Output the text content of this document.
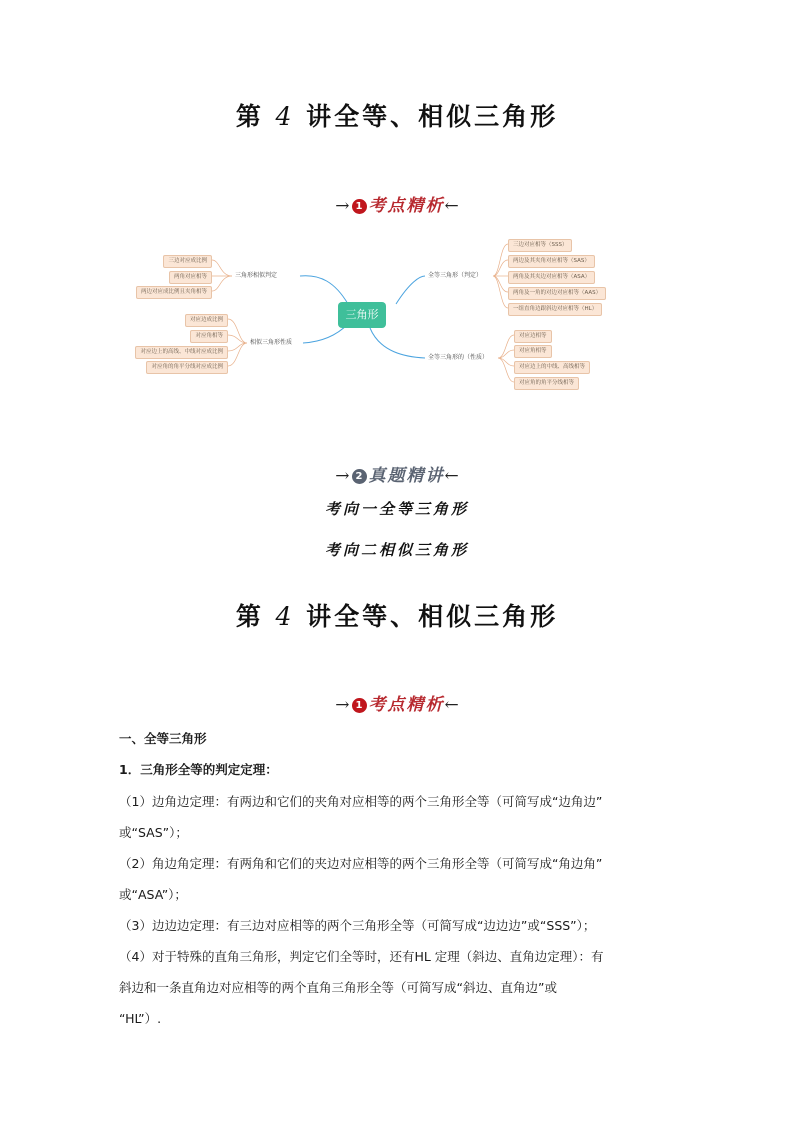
第 4 讲全等、相似三角形
→ 1 考点精析←
三角形
三角形相似判定
三边对应成比例
两角对应相等
两边对应成比例且夹角相等
相似三角形性质
对应边成比例
对应角相等
对应边上的高线、中线对应成比例
对应角的角平分线对应成比例
全等三角形（判定）
三边对应相等（SSS）
两边及其夹角对应相等（SAS）
两角及其夹边对应相等（ASA）
两角及一角的对边对应相等（AAS）
一组直角边跟斜边对应相等（HL）
全等三角形的（性质）
对应边相等
对应角相等
对应边上的中线、高线相等
对应角的角平分线相等
→ 2 真题精讲←
考向一全等三角形
考向二相似三角形
第 4 讲全等、相似三角形
→ 1 考点精析←
一、全等三角形
1．三角形全等的判定定理：
（1）边角边定理：有两边和它们的夹角对应相等的两个三角形全等（可简写成“边角边”
或“SAS”）；
（2）角边角定理：有两角和它们的夹边对应相等的两个三角形全等（可简写成“角边角”
或“ASA”）；
（3）边边边定理：有三边对应相等的两个三角形全等（可简写成“边边边”或“SSS”）；
（4）对于特殊的直角三角形，判定它们全等时，还有HL 定理（斜边、直角边定理）：有
斜边和一条直角边对应相等的两个直角三角形全等（可简写成“斜边、直角边”或
“HL”）.
